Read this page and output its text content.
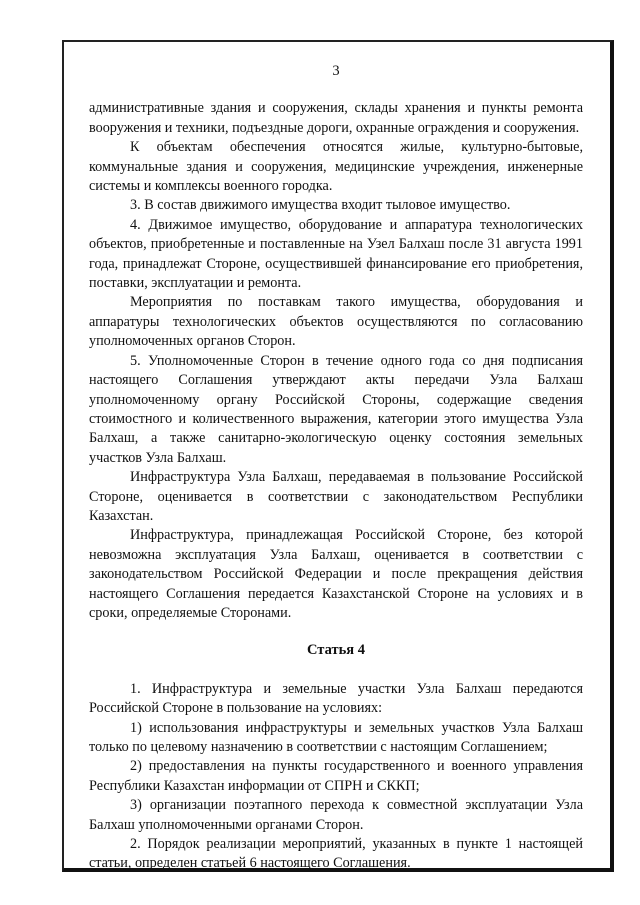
3

административные здания и сооружения, склады хранения и пункты ремонта вооружения и техники, подъездные дороги, охранные ограждения и сооружения.

К объектам обеспечения относятся жилые, культурно-бытовые, коммунальные здания и сооружения, медицинские учреждения, инженерные системы и комплексы военного городка.

3. В состав движимого имущества входит тыловое имущество.

4. Движимое имущество, оборудование и аппаратура технологических объектов, приобретенные и поставленные на Узел Балхаш после 31 августа 1991 года, принадлежат Стороне, осуществившей финансирование его приобретения, поставки, эксплуатации и ремонта.

Мероприятия по поставкам такого имущества, оборудования и аппаратуры технологических объектов осуществляются по согласованию уполномоченных органов Сторон.

5. Уполномоченные Сторон в течение одного года со дня подписания настоящего Соглашения утверждают акты передачи Узла Балхаш уполномоченному органу Российской Стороны, содержащие сведения стоимостного и количественного выражения, категории этого имущества Узла Балхаш, а также санитарно-экологическую оценку состояния земельных участков Узла Балхаш.

Инфраструктура Узла Балхаш, передаваемая в пользование Российской Стороне, оценивается в соответствии с законодательством Республики Казахстан.

Инфраструктура, принадлежащая Российской Стороне, без которой невозможна эксплуатация Узла Балхаш, оценивается в соответствии с законодательством Российской Федерации и после прекращения действия настоящего Соглашения передается Казахстанской Стороне на условиях и в сроки, определяемые Сторонами.

Статья 4

1. Инфраструктура и земельные участки Узла Балхаш передаются Российской Стороне в пользование на условиях:

1) использования инфраструктуры и земельных участков Узла Балхаш только по целевому назначению в соответствии с настоящим Соглашением;

2) предоставления на пункты государственного и военного управления Республики Казахстан информации от СПРН и СККП;

3) организации поэтапного перехода к совместной эксплуатации Узла Балхаш уполномоченными органами Сторон.

2. Порядок реализации мероприятий, указанных в пункте 1 настоящей статьи, определен статьей 6 настоящего Соглашения.
